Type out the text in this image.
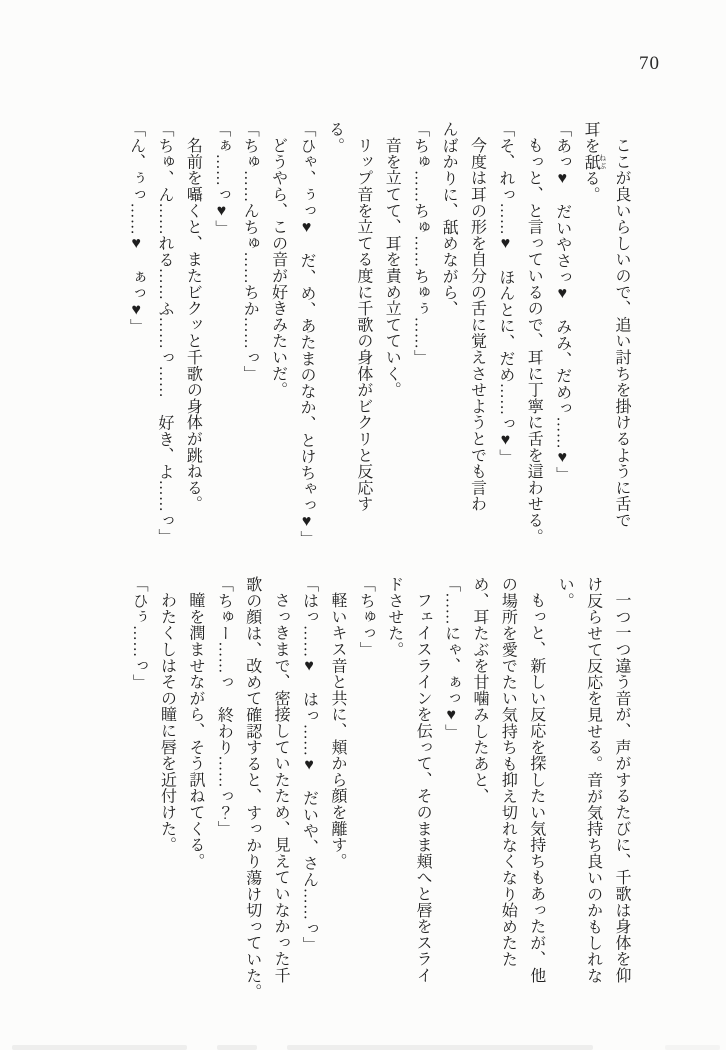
70

ここが良いらしいので、追い討ちを掛けるように舌で

耳を舐 ねぶる。

「あっ♥　だいやさっ♥　みみ、だめっ……♥」

もっと、と言っているので、耳に丁寧に舌を這わせる。

「そ、れっ……♥　ほんとに、だめ……っ♥」

今度は耳の形を自分の舌に覚えさせようとでも言わ

んばかりに、舐めながら、

「ちゅ……ちゅ……ちゅぅ……」

音を立てて、耳を責め立てていく。

リップ音を立てる度に千歌の身体がビクリと反応す

る。

「ひゃ、ぅっ♥　だ、め、あたまのなか、とけちゃっ♥」

どうやら、この音が好きみたいだ。

「ちゅ……んちゅ……ちか……っ」

「ぁ……っ♥」

名前を囁くと、またビクッと千歌の身体が跳ねる。

「ちゅ、ん……れる……ふ……っ……　好き、よ……っ」

「ん、ぅっ……♥　ぁっ♥」

一つ一つ違う音が、声がするたびに、千歌は身体を仰

け反らせて反応を見せる。音が気持ち良いのかもしれな

い。

もっと、新しい反応を探したい気持ちもあったが、他

の場所を愛でたい気持ちも抑え切れなくなり始めたた

め、耳たぶを甘噛みしたあと、

「……にゃ、ぁっ♥」

フェイスラインを伝って、そのまま頬へと唇をスライ

ドさせた。

「ちゅっ」

軽いキス音と共に、頬から顔を離す。

「はっ……♥　はっ……♥　だいや、さん……っ」

さっきまで、密接していたため、見えていなかった千

歌の顔は、改めて確認すると、すっかり蕩け切っていた。

「ちゅー……っ　終わり……っ？」

瞳を潤ませながら、そう訊ねてくる。

わたくしはその瞳に唇を近付けた。

「ひぅ……っ」
